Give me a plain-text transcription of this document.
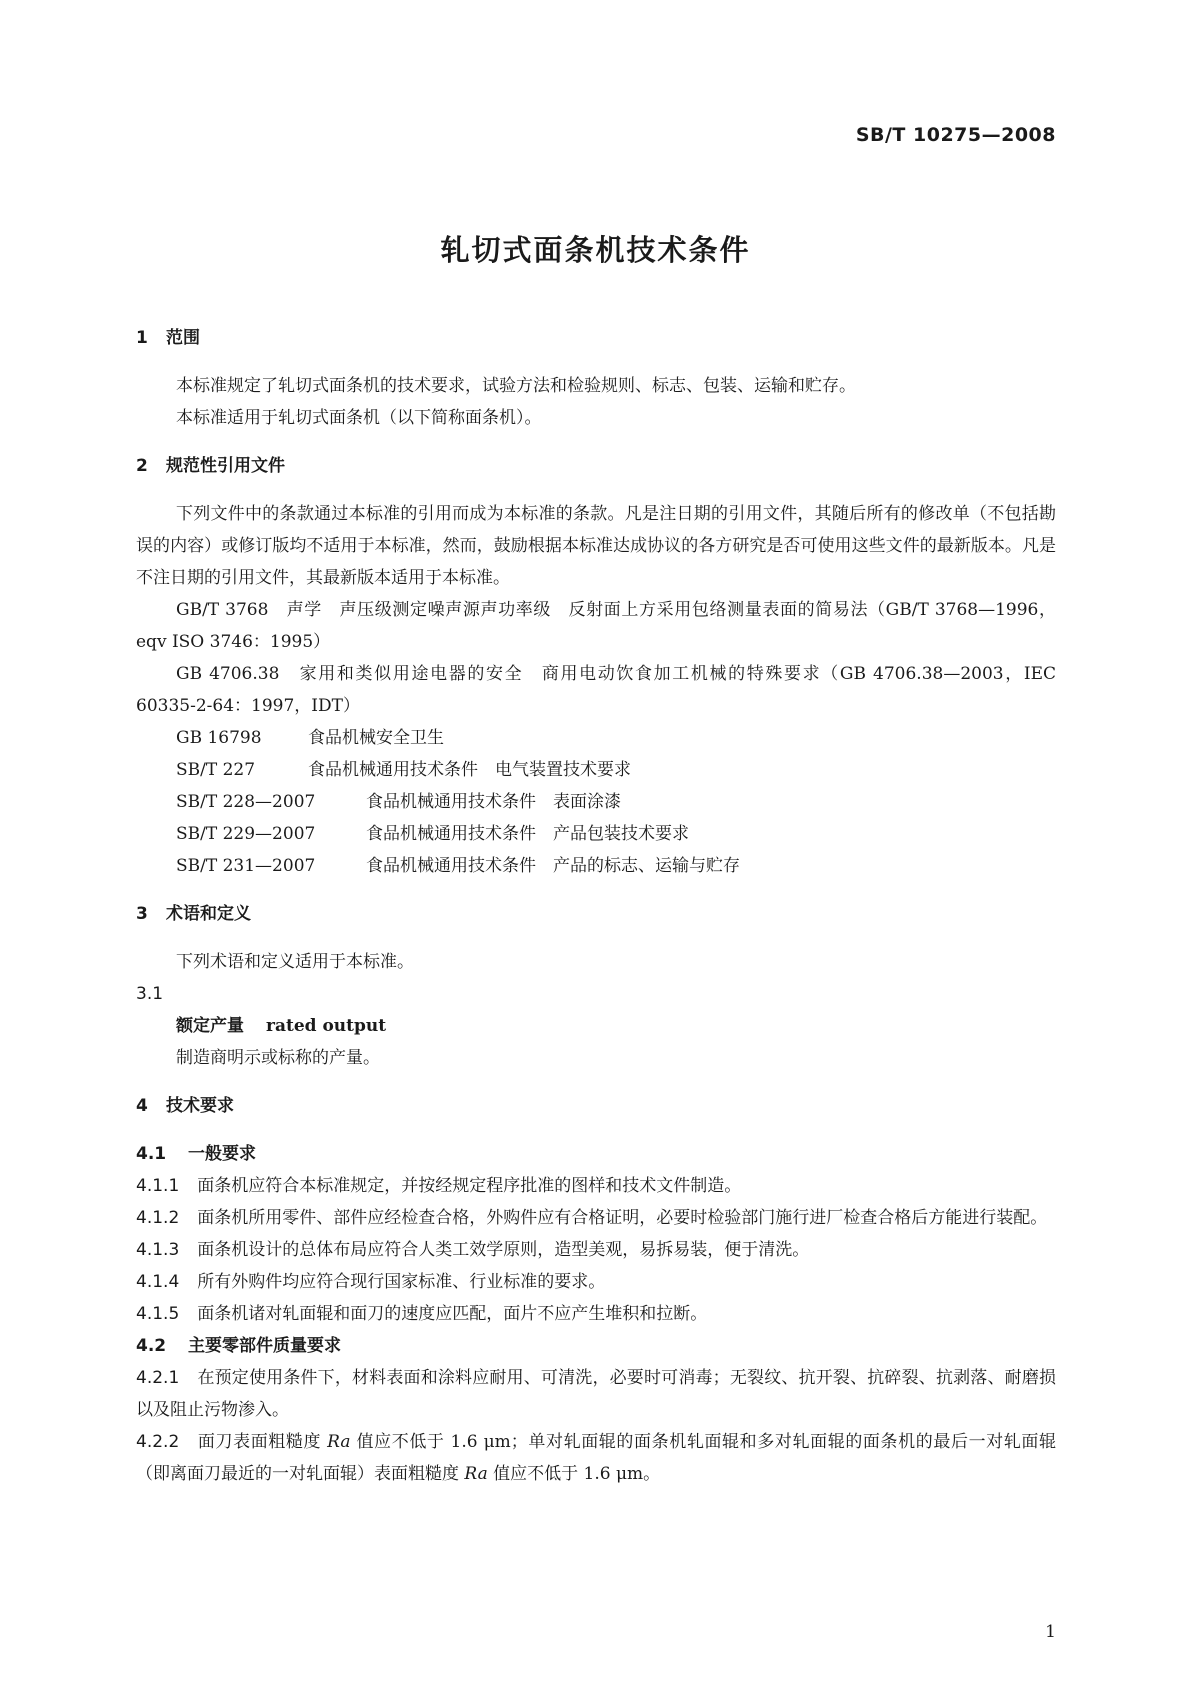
SB/T 10275—2008
轧切式面条机技术条件
1 范围
本标准规定了轧切式面条机的技术要求，试验方法和检验规则、标志、包装、运输和贮存。
本标准适用于轧切式面条机（以下简称面条机）。
2 规范性引用文件
下列文件中的条款通过本标准的引用而成为本标准的条款。凡是注日期的引用文件，其随后所有的修改单（不包括勘误的内容）或修订版均不适用于本标准，然而，鼓励根据本标准达成协议的各方研究是否可使用这些文件的最新版本。凡是不注日期的引用文件，其最新版本适用于本标准。
GB/T 3768　声学　声压级测定噪声源声功率级　反射面上方采用包络测量表面的简易法（GB/T 3768—1996，eqv ISO 3746：1995）
GB 4706.38　家用和类似用途电器的安全　商用电动饮食加工机械的特殊要求（GB 4706.38—2003，IEC 60335-2-64：1997，IDT）
GB 16798	食品机械安全卫生
SB/T 227	食品机械通用技术条件　电气装置技术要求
SB/T 228—2007	食品机械通用技术条件　表面涂漆
SB/T 229—2007	食品机械通用技术条件　产品包装技术要求
SB/T 231—2007	食品机械通用技术条件　产品的标志、运输与贮存
3 术语和定义
下列术语和定义适用于本标准。
3.1
额定产量 rated output
制造商明示或标称的产量。
4 技术要求
4.1 一般要求
4.1.1 面条机应符合本标准规定，并按经规定程序批准的图样和技术文件制造。
4.1.2 面条机所用零件、部件应经检查合格，外购件应有合格证明，必要时检验部门施行进厂检查合格后方能进行装配。
4.1.3 面条机设计的总体布局应符合人类工效学原则，造型美观，易拆易装，便于清洗。
4.1.4 所有外购件均应符合现行国家标准、行业标准的要求。
4.1.5 面条机诸对轧面辊和面刀的速度应匹配，面片不应产生堆积和拉断。
4.2 主要零部件质量要求
4.2.1 在预定使用条件下，材料表面和涂料应耐用、可清洗，必要时可消毒；无裂纹、抗开裂、抗碎裂、抗剥落、耐磨损以及阻止污物渗入。
4.2.2 面刀表面粗糙度 Ra 值应不低于 1.6 μm；单对轧面辊的面条机轧面辊和多对轧面辊的面条机的最后一对轧面辊（即离面刀最近的一对轧面辊）表面粗糙度 Ra 值应不低于 1.6 μm。
1
